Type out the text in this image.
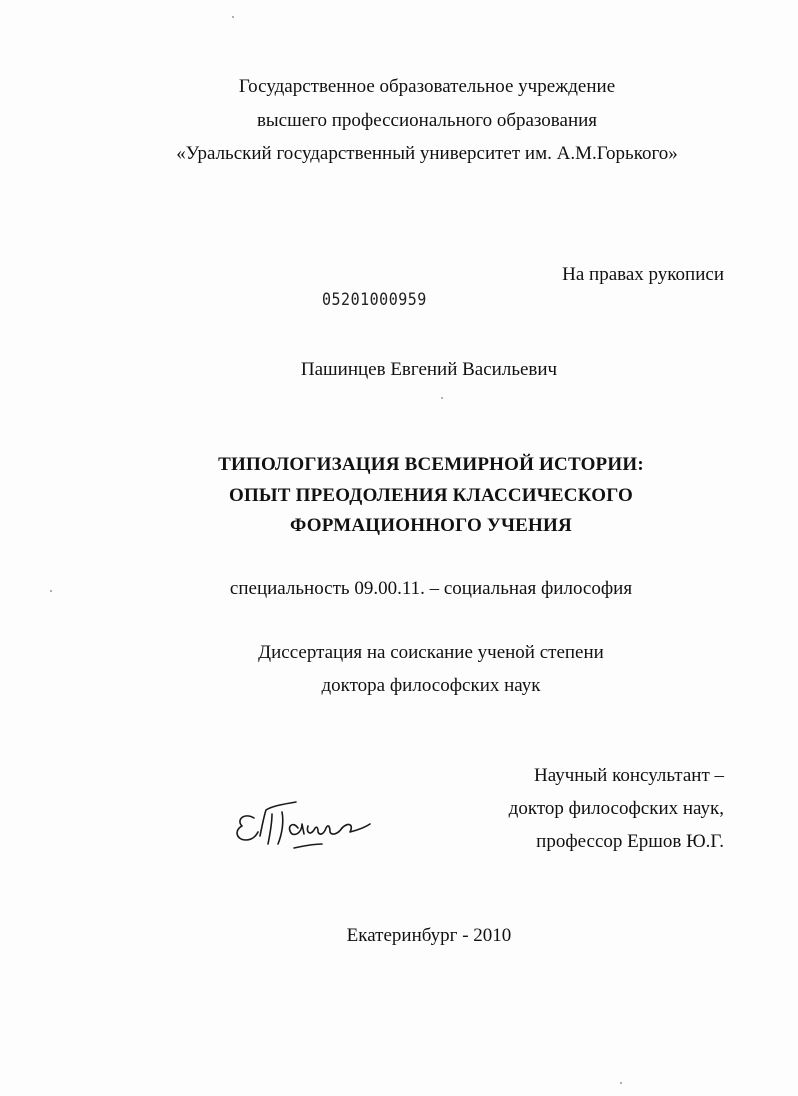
Государственное образовательное учреждение
высшего профессионального образования
«Уральский государственный университет им. А.М.Горького»
На правах рукописи
05201000959
Пашинцев Евгений Васильевич
ТИПОЛОГИЗАЦИЯ ВСЕМИРНОЙ ИСТОРИИ:
ОПЫТ ПРЕОДОЛЕНИЯ КЛАССИЧЕСКОГО
ФОРМАЦИОННОГО УЧЕНИЯ
специальность 09.00.11. – социальная философия
Диссертация на соискание ученой степени
доктора философских наук
Научный консультант –
доктор философских наук,
профессор Ершов Ю.Г.
Екатеринбург - 2010
